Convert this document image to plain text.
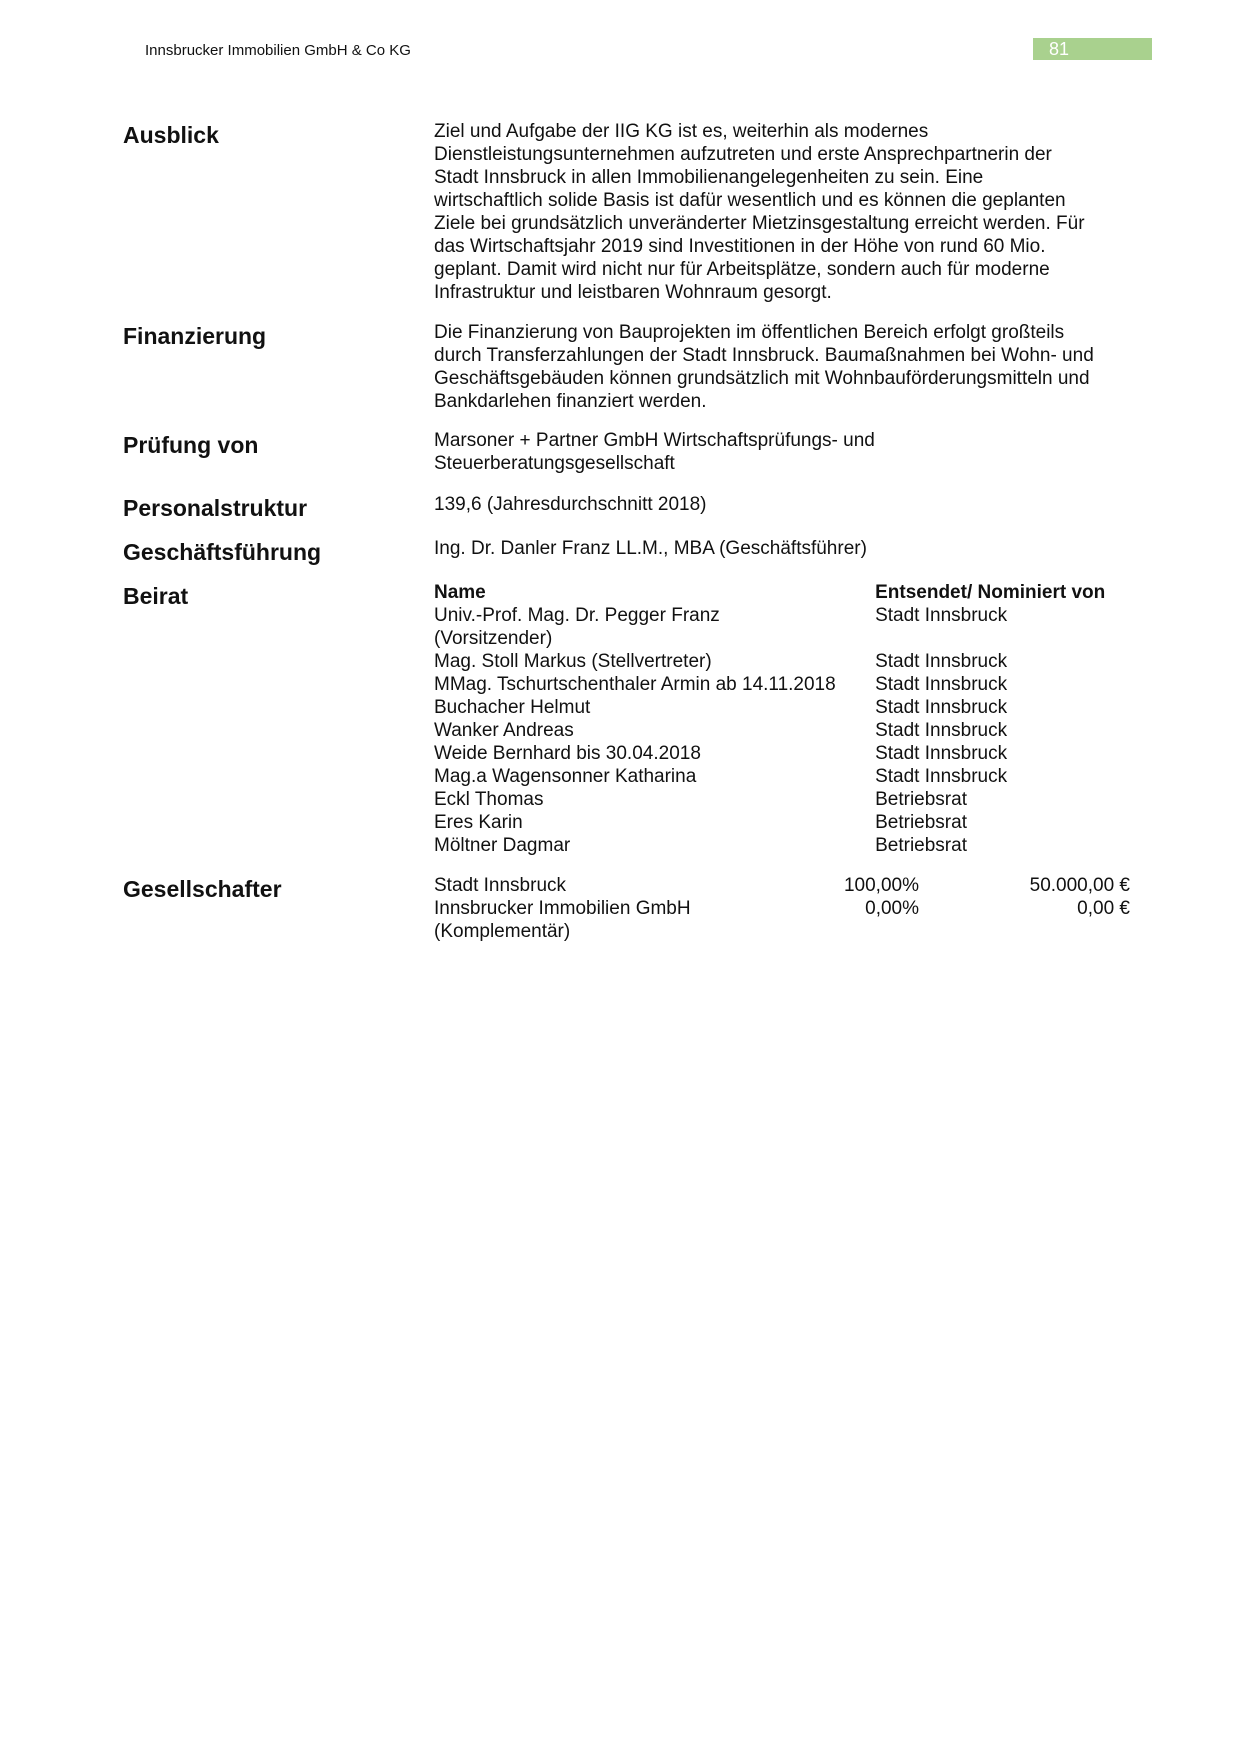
Innsbrucker Immobilien GmbH & Co KG	81
Ausblick	Ziel und Aufgabe der IIG KG ist es, weiterhin als modernes

Dienstleistungsunternehmen aufzutreten und erste Ansprechpartnerin der

Stadt Innsbruck in allen Immobilienangelegenheiten zu sein. Eine

wirtschaftlich solide Basis ist dafür wesentlich und es können die geplanten

Ziele bei grundsätzlich unveränderter Mietzinsgestaltung erreicht werden. Für

das Wirtschaftsjahr 2019 sind Investitionen in der Höhe von rund 60 Mio.

geplant. Damit wird nicht nur für Arbeitsplätze, sondern auch für moderne

Infrastruktur und leistbaren Wohnraum gesorgt.

Finanzierung	Die Finanzierung von Bauprojekten im öffentlichen Bereich erfolgt großteils

durch Transferzahlungen der Stadt Innsbruck. Baumaßnahmen bei Wohn- und

Geschäftsgebäuden können grundsätzlich mit Wohnbauförderungsmitteln und

Bankdarlehen finanziert werden.

Prüfung von	Marsoner + Partner GmbH Wirtschaftsprüfungs- und

Steuerberatungsgesellschaft

Personalstruktur	139,6 (Jahresdurchschnitt 2018)
Geschäftsführung	Ing. Dr. Danler Franz LL.M., MBA (Geschäftsführer)
Beirat	Name	Entsendet/ Nominiert von
Univ.-Prof. Mag. Dr. Pegger Franz
(Vorsitzender)	Stadt Innsbruck
Mag. Stoll Markus (Stellvertreter)	Stadt Innsbruck
MMag. Tschurtschenthaler Armin ab 14.11.2018	Stadt Innsbruck
Buchacher Helmut	Stadt Innsbruck
Wanker Andreas	Stadt Innsbruck
Weide Bernhard bis 30.04.2018	Stadt Innsbruck
Mag.a Wagensonner Katharina	Stadt Innsbruck
Eckl Thomas	Betriebsrat
Eres Karin	Betriebsrat
Möltner Dagmar	Betriebsrat
Gesellschafter	Stadt Innsbruck	100,00%	50.000,00 €
Innsbrucker Immobilien GmbH
(Komplementär)	0,00%	0,00 €
